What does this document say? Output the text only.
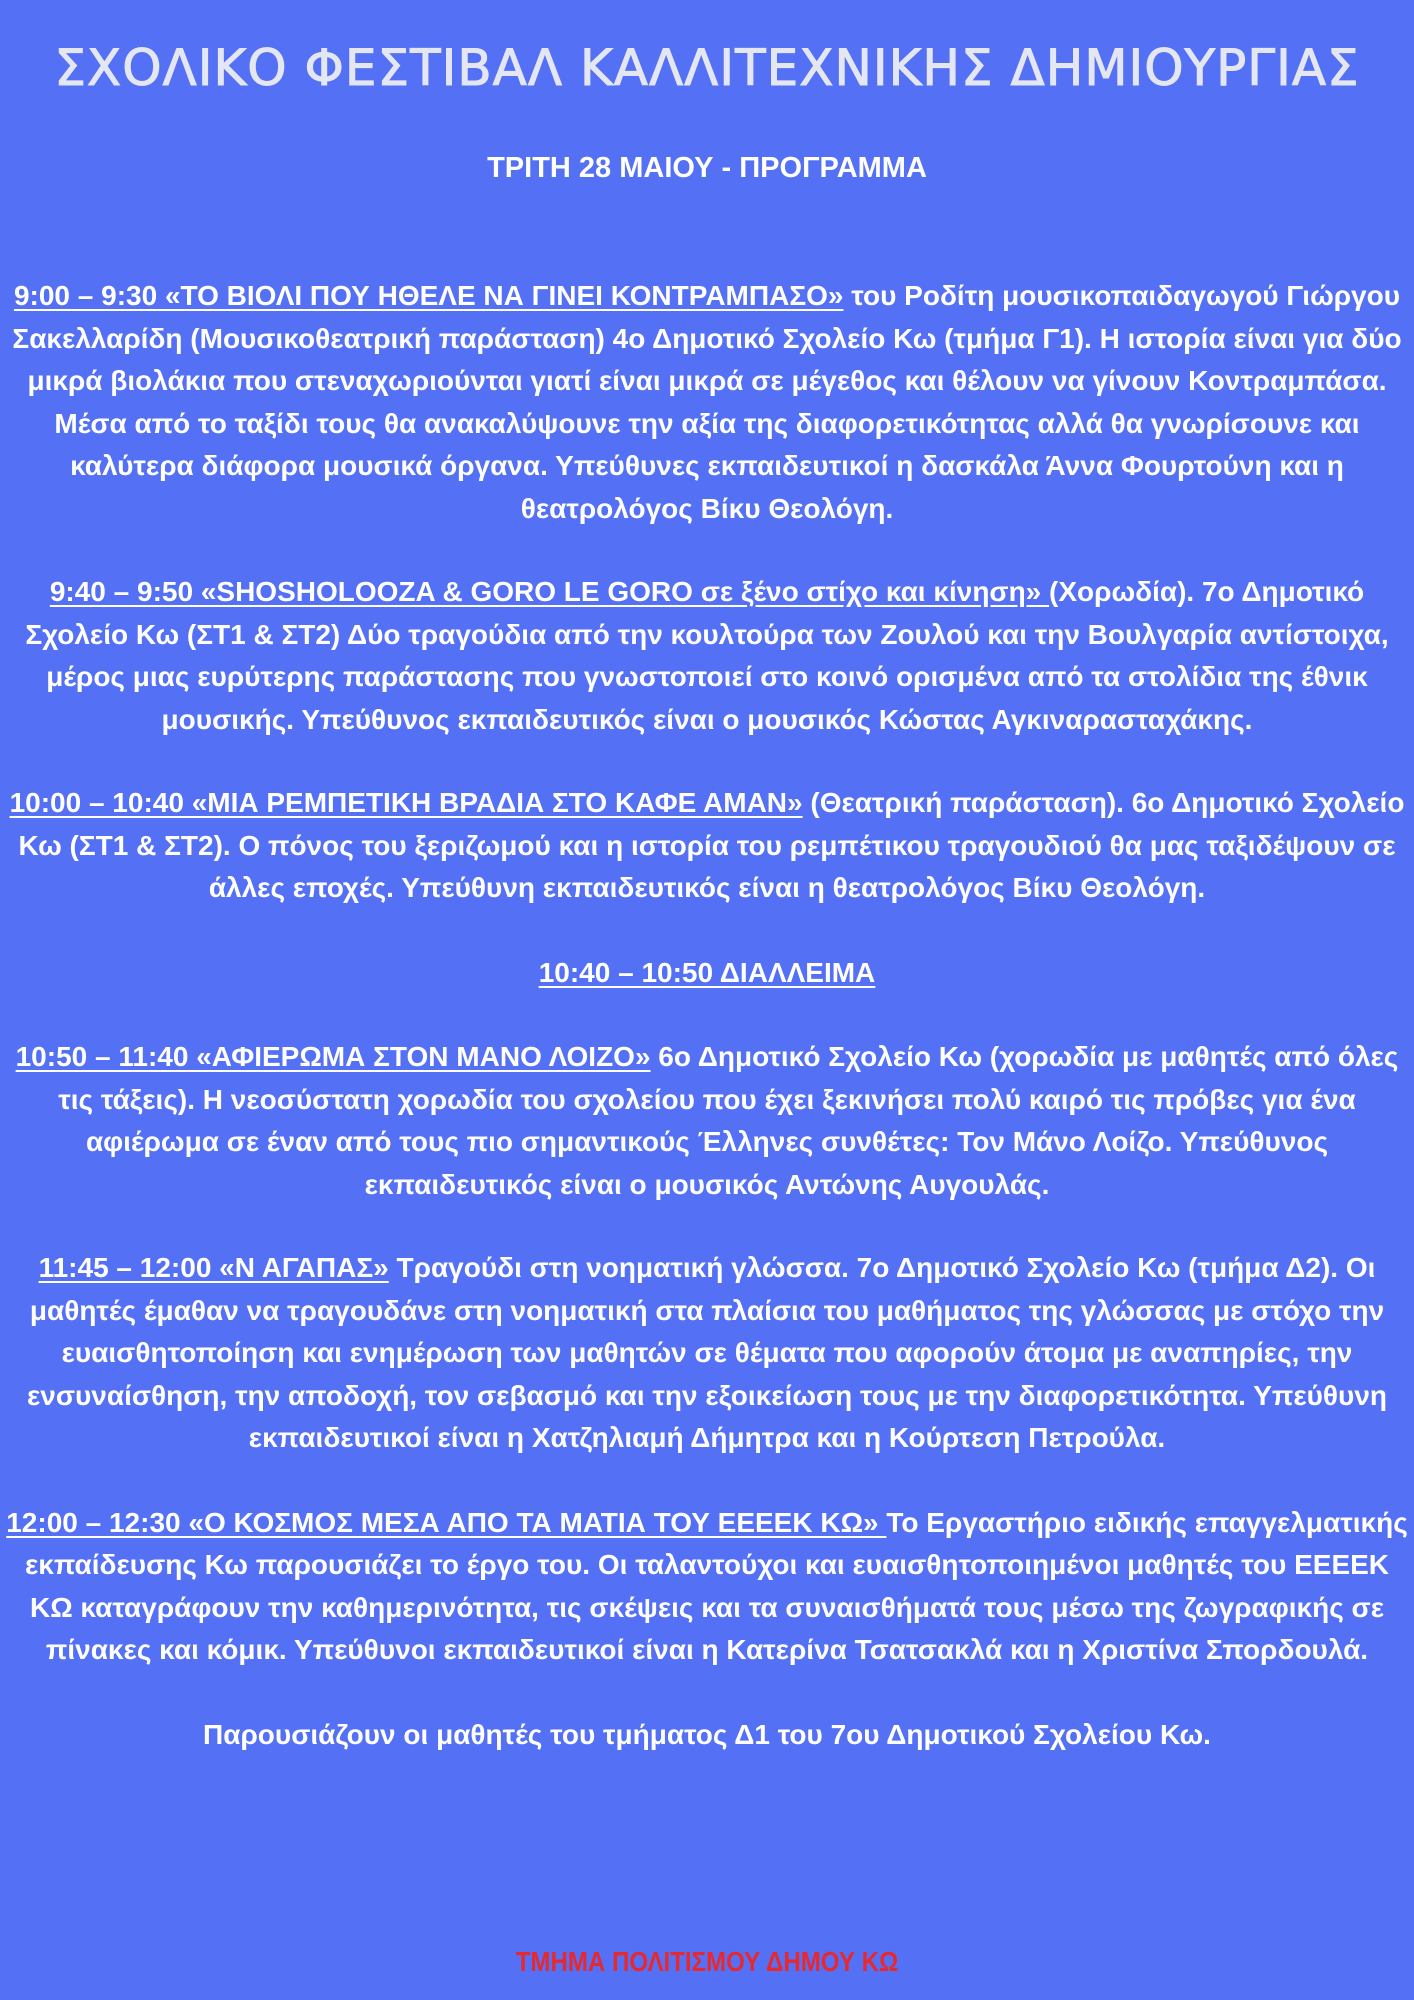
ΣΧΟΛΙΚΟ ΦΕΣΤΙΒΑΛ ΚΑΛΛΙΤΕΧΝΙΚΗΣ ΔΗΜΙΟΥΡΓΙΑΣ
ΤΡΙΤΗ 28 ΜΑΙΟΥ - ΠΡΟΓΡΑΜΜΑ

9:00 – 9:30 «ΤΟ ΒΙΟΛΙ ΠΟΥ ΗΘΕΛΕ ΝΑ ΓΙΝΕΙ ΚΟΝΤΡΑΜΠΑΣΟ» του Ροδίτη μουσικοπαιδαγωγού Γιώργου Σακελλαρίδη (Μουσικοθεατρική παράσταση) 4ο Δημοτικό Σχολείο Κω (τμήμα Γ1). Η ιστορία είναι για δύο μικρά βιολάκια που στεναχωριούνται γιατί είναι μικρά σε μέγεθος και θέλουν να γίνουν Κοντραμπάσα. Μέσα από το ταξίδι τους θα ανακαλύψουνε την αξία της διαφορετικότητας αλλά θα γνωρίσουνε και καλύτερα διάφορα μουσικά όργανα. Υπεύθυνες εκπαιδευτικοί η δασκάλα Άννα Φουρτούνη και η θεατρολόγος Βίκυ Θεολόγη.

9:40 – 9:50 «SHOSHOLOOZA & GORO LE GORO σε ξένο στίχο και κίνηση» (Χορωδία). 7ο Δημοτικό Σχολείο Κω (ΣΤ1 & ΣΤ2) Δύο τραγούδια από την κουλτούρα των Ζουλού και την Βουλγαρία αντίστοιχα, μέρος μιας ευρύτερης παράστασης που γνωστοποιεί στο κοινό ορισμένα από τα στολίδια της έθνικ μουσικής. Υπεύθυνος εκπαιδευτικός είναι ο μουσικός Κώστας Αγκιναρασταχάκης.

10:00 – 10:40 «ΜΙΑ ΡΕΜΠΕΤΙΚΗ ΒΡΑΔΙΑ ΣΤΟ ΚΑΦΕ ΑΜΑΝ» (Θεατρική παράσταση). 6ο Δημοτικό Σχολείο Κω (ΣΤ1 & ΣΤ2). Ο πόνος του ξεριζωμού και η ιστορία του ρεμπέτικου τραγουδιού θα μας ταξιδέψουν σε άλλες εποχές. Υπεύθυνη εκπαιδευτικός είναι η θεατρολόγος Βίκυ Θεολόγη.

10:40 – 10:50 ΔΙΑΛΛΕΙΜΑ

10:50 – 11:40 «ΑΦΙΕΡΩΜΑ ΣΤΟΝ ΜΑΝΟ ΛΟΙΖΟ» 6ο Δημοτικό Σχολείο Κω (χορωδία με μαθητές από όλες τις τάξεις). Η νεοσύστατη χορωδία του σχολείου που έχει ξεκινήσει πολύ καιρό τις πρόβες για ένα αφιέρωμα σε έναν από τους πιο σημαντικούς Έλληνες συνθέτες: Τον Μάνο Λοίζο. Υπεύθυνος εκπαιδευτικός είναι ο μουσικός Αντώνης Αυγουλάς.

11:45 – 12:00 «Ν ΑΓΑΠΑΣ» Τραγούδι στη νοηματική γλώσσα. 7ο Δημοτικό Σχολείο Κω (τμήμα Δ2). Οι μαθητές έμαθαν να τραγουδάνε στη νοηματική στα πλαίσια του μαθήματος της γλώσσας με στόχο την ευαισθητοποίηση και ενημέρωση των μαθητών σε θέματα που αφορούν άτομα με αναπηρίες, την ενσυναίσθηση, την αποδοχή, τον σεβασμό και την εξοικείωση τους με την διαφορετικότητα. Υπεύθυνη εκπαιδευτικοί είναι η Χατζηλιαμή Δήμητρα και η Κούρτεση Πετρούλα.

12:00 – 12:30 «Ο ΚΟΣΜΟΣ ΜΕΣΑ ΑΠΟ ΤΑ ΜΑΤΙΑ ΤΟΥ ΕΕΕΕΚ ΚΩ» Το Εργαστήριο ειδικής επαγγελματικής εκπαίδευσης Κω παρουσιάζει το έργο του. Οι ταλαντούχοι και ευαισθητοποιημένοι μαθητές του ΕΕΕΕΚ ΚΩ καταγράφουν την καθημερινότητα, τις σκέψεις και τα συναισθήματά τους μέσω της ζωγραφικής σε πίνακες και κόμικ. Υπεύθυνοι εκπαιδευτικοί είναι η Κατερίνα Τσατσακλά και η Χριστίνα Σπορδουλά.

Παρουσιάζουν οι μαθητές του τμήματος Δ1 του 7ου Δημοτικού Σχολείου Κω.

ΤΜΗΜΑ ΠΟΛΙΤΙΣΜΟΥ ΔΗΜΟΥ ΚΩ
